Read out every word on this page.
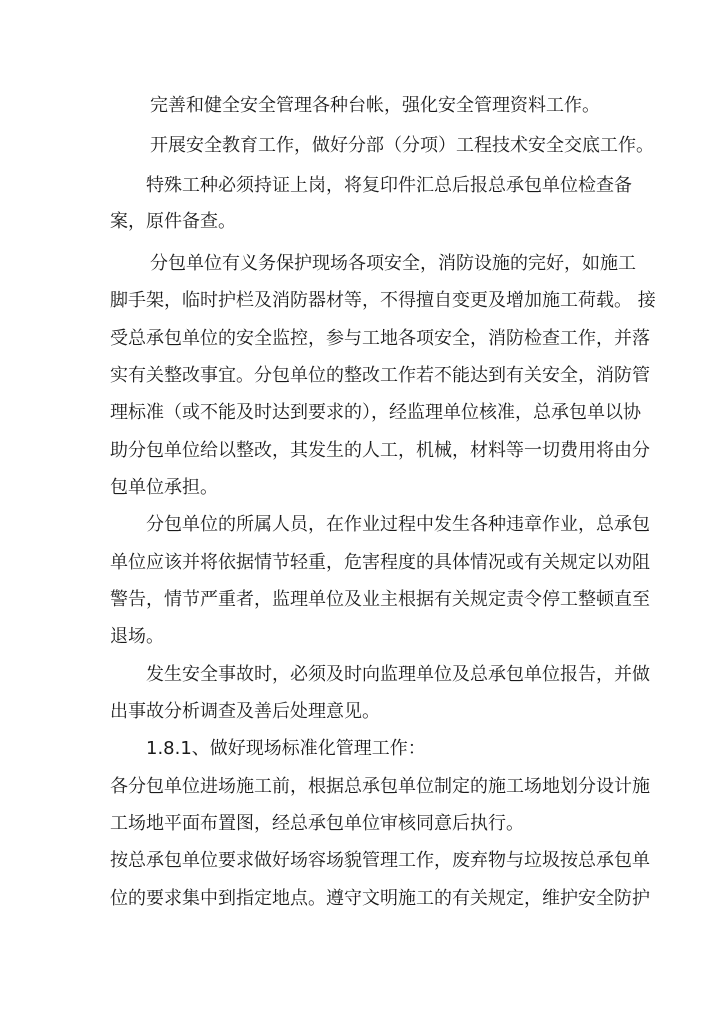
完善和健全安全管理各种台帐，强化安全管理资料工作。
开展安全教育工作，做好分部（分项）工程技术安全交底工作。
特殊工种必须持证上岗，将复印件汇总后报总承包单位检查备
案，原件备查。
分包单位有义务保护现场各项安全，消防设施的完好，如施工
脚手架，临时护栏及消防器材等，不得擅自变更及增加施工荷载。 接
受总承包单位的安全监控，参与工地各项安全，消防检查工作，并落
实有关整改事宜。分包单位的整改工作若不能达到有关安全，消防管
理标准（或不能及时达到要求的），经监理单位核准，总承包单以协
助分包单位给以整改，其发生的人工，机械，材料等一切费用将由分
包单位承担。
分包单位的所属人员，在作业过程中发生各种违章作业，总承包
单位应该并将依据情节轻重，危害程度的具体情况或有关规定以劝阻
警告，情节严重者，监理单位及业主根据有关规定责令停工整顿直至
退场。
发生安全事故时，必须及时向监理单位及总承包单位报告，并做
出事故分析调查及善后处理意见。
1.8.1、做好现场标准化管理工作：
各分包单位进场施工前，根据总承包单位制定的施工场地划分设计施
工场地平面布置图，经总承包单位审核同意后执行。
按总承包单位要求做好场容场貌管理工作，废弃物与垃圾按总承包单
位的要求集中到指定地点。遵守文明施工的有关规定，维护安全防护
